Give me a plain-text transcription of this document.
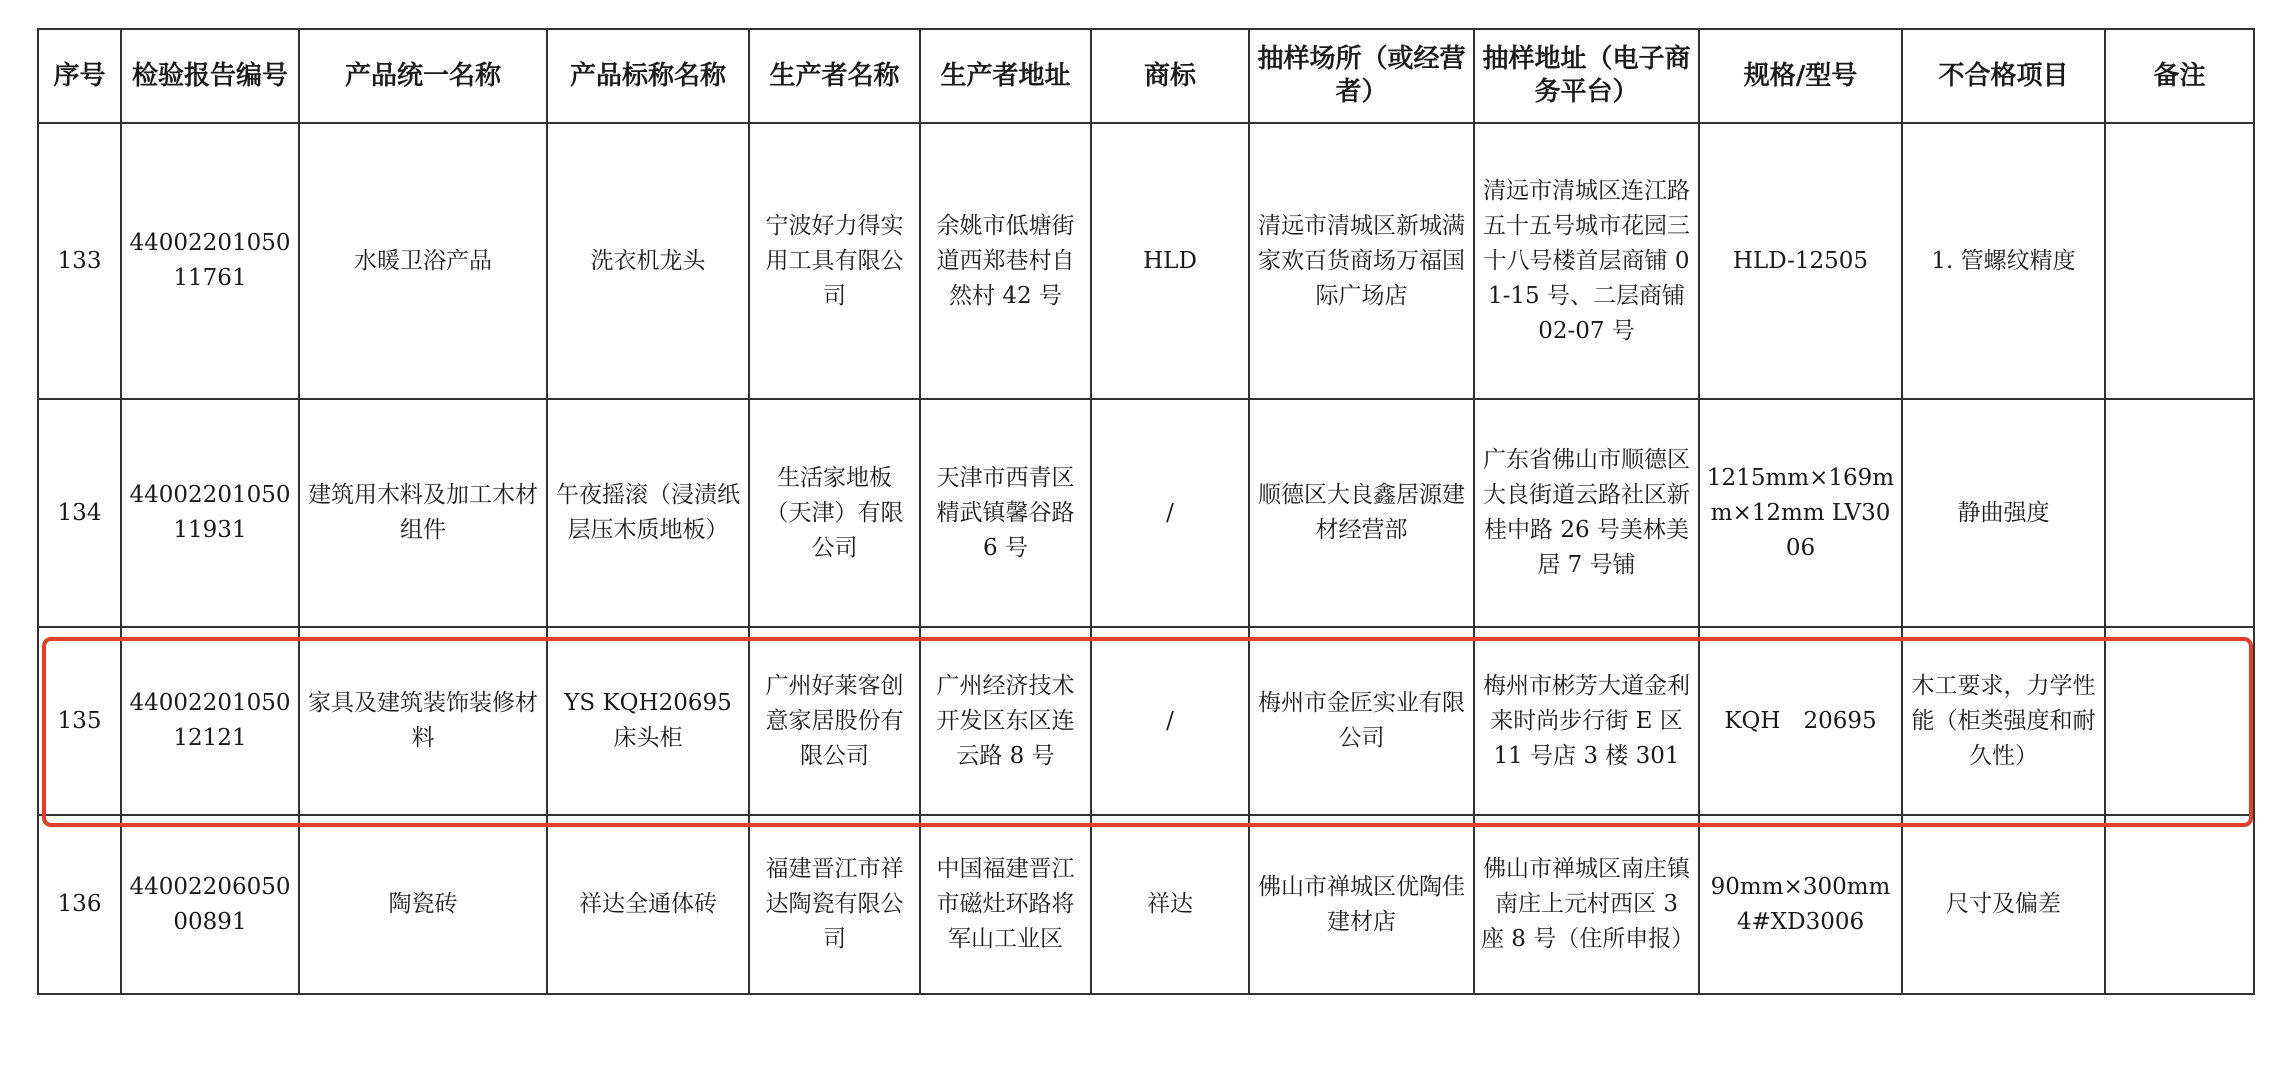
序号	检验报告编号	产品统一名称	产品标称名称	生产者名称	生产者地址	商标	抽样场所（或经营者）	抽样地址（电子商务平台）	规格/型号	不合格项目	备注
133	4400220105011761	水暖卫浴产品	洗衣机龙头	宁波好力得实用工具有限公司	余姚市低塘街道西郑巷村自然村 42 号	HLD	清远市清城区新城满家欢百货商场万福国际广场店	清远市清城区连江路五十五号城市花园三十八号楼首层商铺 01-15 号、二层商铺 02-07 号	HLD-12505	1. 管螺纹精度	
134	4400220105011931	建筑用木料及加工木材组件	午夜摇滚（浸渍纸层压木质地板）	生活家地板（天津）有限公司	天津市西青区精武镇馨谷路 6 号	/	顺德区大良鑫居源建材经营部	广东省佛山市顺德区大良街道云路社区新桂中路 26 号美林美居 7 号铺	1215mm×169mm×12mm LV3006	静曲强度	
135	4400220105012121	家具及建筑装饰装修材料	YS KQH20695 床头柜	广州好莱客创意家居股份有限公司	广州经济技术开发区东区连云路 8 号	/	梅州市金匠实业有限公司	梅州市彬芳大道金利来时尚步行街 E 区 11 号店 3 楼 301	KQH　20695	木工要求，力学性能（柜类强度和耐久性）	
136	4400220605000891	陶瓷砖	祥达全通体砖	福建晋江市祥达陶瓷有限公司	中国福建晋江市磁灶环路将军山工业区	祥达	佛山市禅城区优陶佳建材店	佛山市禅城区南庄镇南庄上元村西区 3 座 8 号（住所申报）	90mm×300mm 4#XD3006	尺寸及偏差	
